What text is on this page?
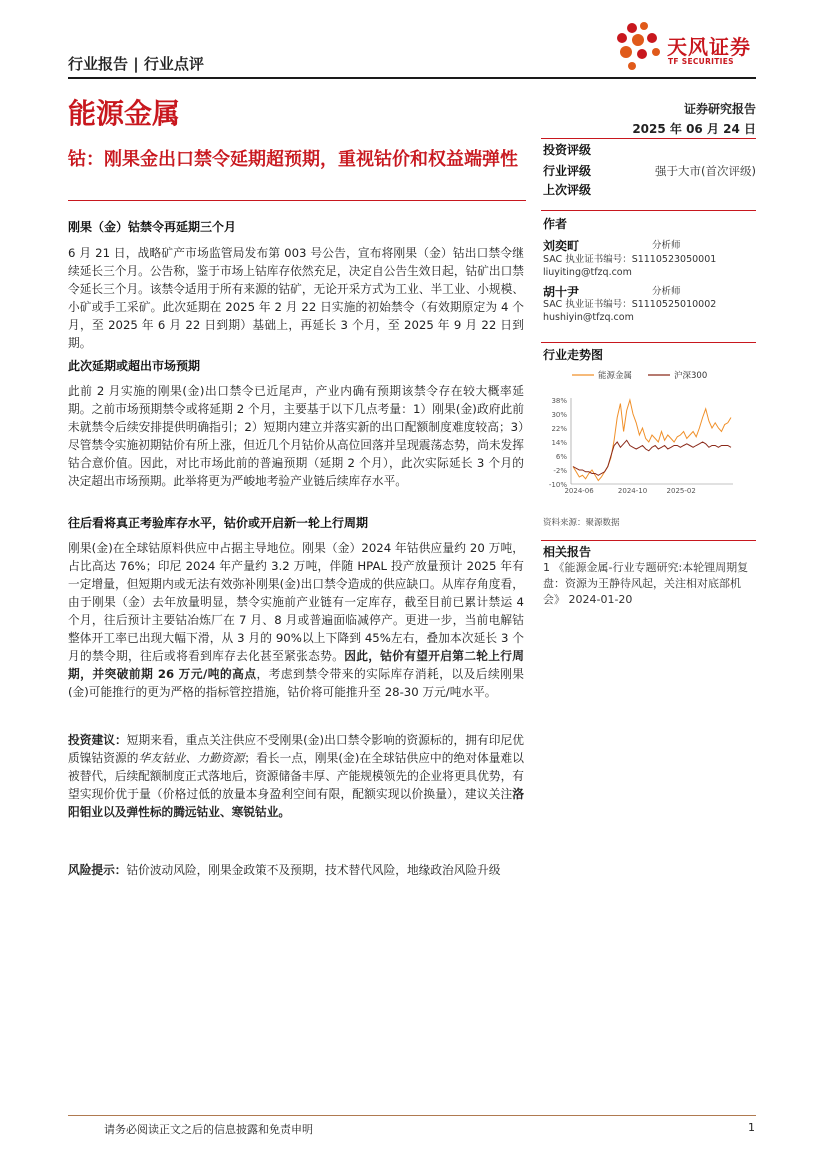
行业报告 | 行业点评
天风证券
TF SECURITIES
能源金属	证券研究报告
2025 年 06 月 24 日
钴：刚果金出口禁令延期超预期，重视钴价和权益端弹性
刚果（金）钴禁令再延期三个月
6 月 21 日，战略矿产市场监管局发布第 003 号公告，宣布将刚果（金）钴出口禁令继续延长三个月。公告称，鉴于市场上钴库存依然充足，决定自公告生效日起，钴矿出口禁令延长三个月。该禁令适用于所有来源的钴矿，无论开采方式为工业、半工业、小规模、小矿或手工采矿。此次延期在 2025 年 2 月 22 日实施的初始禁令（有效期原定为 4 个月，至 2025 年 6 月 22 日到期）基础上，再延长 3 个月，至 2025 年 9 月 22 日到期。
此次延期或超出市场预期
此前 2 月实施的刚果(金)出口禁令已近尾声，产业内确有预期该禁令存在较大概率延期。之前市场预期禁令或将延期 2 个月，主要基于以下几点考量：1）刚果(金)政府此前未就禁令后续安排提供明确指引；2）短期内建立并落实新的出口配额制度难度较高；3）尽管禁令实施初期钴价有所上涨，但近几个月钴价从高位回落并呈现震荡态势，尚未发挥钴合意价值。因此，对比市场此前的普遍预期（延期 2 个月），此次实际延长 3 个月的决定超出市场预期。此举将更为严峻地考验产业链后续库存水平。
往后看将真正考验库存水平，钴价或开启新一轮上行周期
刚果(金)在全球钴原料供应中占据主导地位。刚果（金）2024 年钴供应量约 20 万吨，占比高达 76%；印尼 2024 年产量约 3.2 万吨，伴随 HPAL 投产放量预计 2025 年有一定增量，但短期内或无法有效弥补刚果(金)出口禁令造成的供应缺口。从库存角度看，由于刚果（金）去年放量明显，禁令实施前产业链有一定库存，截至目前已累计禁运 4 个月，往后预计主要钴冶炼厂在 7 月、8 月或普遍面临减停产。更进一步，当前电解钴整体开工率已出现大幅下滑，从 3 月的 90%以上下降到 45%左右，叠加本次延长 3 个月的禁令期，往后或将看到库存去化甚至紧张态势。因此，钴价有望开启第二轮上行周期，并突破前期 26 万元/吨的高点，考虑到禁令带来的实际库存消耗，以及后续刚果(金)可能推行的更为严格的指标管控措施，钴价将可能推升至 28-30 万元/吨水平。
投资建议：短期来看，重点关注供应不受刚果(金)出口禁令影响的资源标的，拥有印尼优质镍钴资源的华友钴业、力勤资源；看长一点，刚果(金)在全球钴供应中的绝对体量难以被替代，后续配额制度正式落地后，资源储备丰厚、产能规模领先的企业将更具优势，有望实现价优于量（价格过低的放量本身盈利空间有限，配额实现以价换量），建议关注洛阳钼业以及弹性标的腾远钴业、寒锐钴业。
风险提示：钴价波动风险，刚果金政策不及预期，技术替代风险，地缘政治风险升级
投资评级
行业评级	强于大市(首次评级)
上次评级
作者
刘奕町	分析师
SAC 执业证书编号：S1110523050001
liuyiting@tfzq.com
胡十尹	分析师
SAC 执业证书编号：S1110525010002
hushiyin@tfzq.com
行业走势图
能源金属	沪深300
38%
30%
22%
14%
6%
-2%
-10%
2024-06	2024-10	2025-02
资料来源：聚源数据
相关报告
1 《能源金属-行业专题研究:本轮锂周期复盘：资源为王静待风起，关注相对底部机会》 2024-01-20
请务必阅读正文之后的信息披露和免责申明	1
